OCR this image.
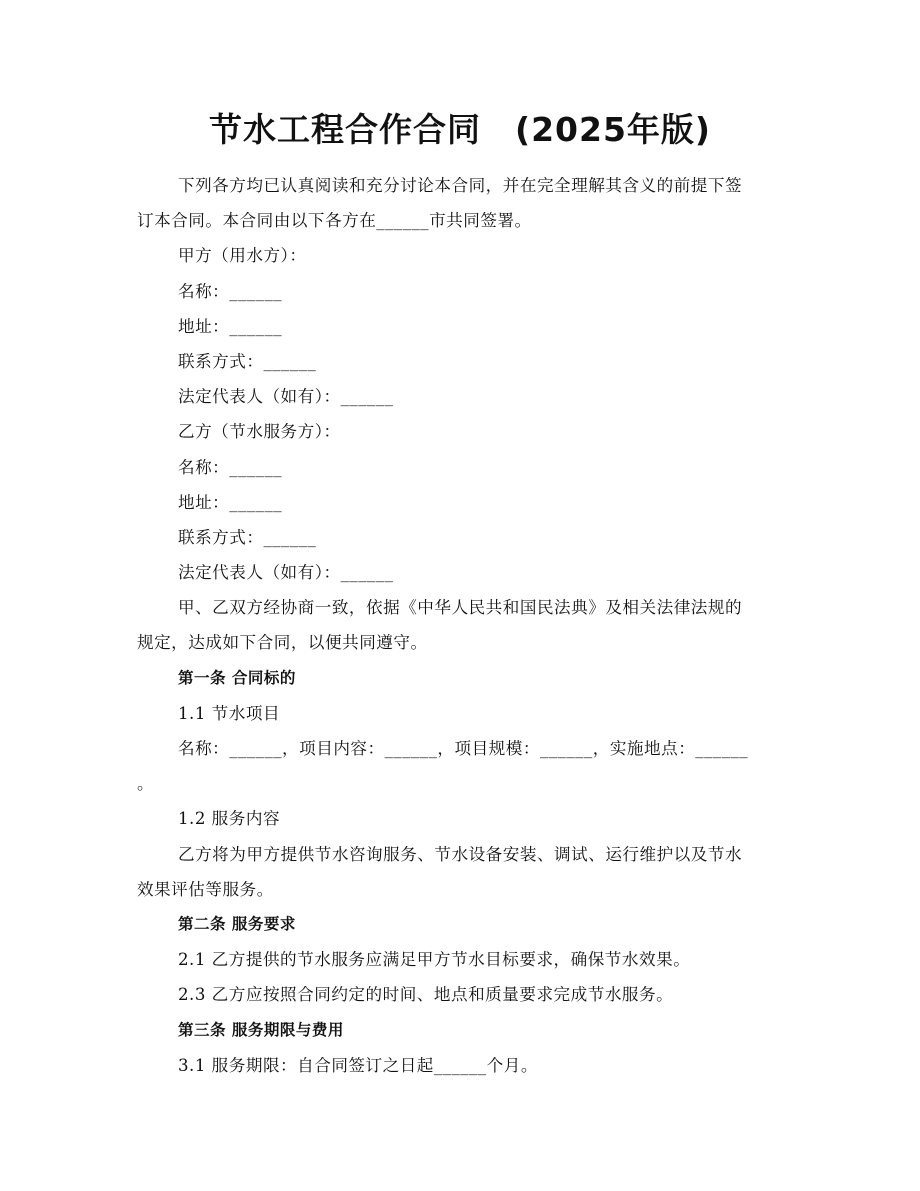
节水工程合作合同　(2025年版)
下列各方均已认真阅读和充分讨论本合同，并在完全理解其含义的前提下签
订本合同。本合同由以下各方在______市共同签署。
甲方（用水方）：
名称：______
地址：______
联系方式：______
法定代表人（如有）：______
乙方（节水服务方）：
名称：______
地址：______
联系方式：______
法定代表人（如有）：______
甲、乙双方经协商一致，依据《中华人民共和国民法典》及相关法律法规的
规定，达成如下合同，以便共同遵守。
第一条 合同标的
1.1 节水项目
名称：______，项目内容：______，项目规模：______，实施地点：______
。
1.2 服务内容
乙方将为甲方提供节水咨询服务、节水设备安装、调试、运行维护以及节水
效果评估等服务。
第二条 服务要求
2.1 乙方提供的节水服务应满足甲方节水目标要求，确保节水效果。
2.3 乙方应按照合同约定的时间、地点和质量要求完成节水服务。
第三条 服务期限与费用
3.1 服务期限：自合同签订之日起______个月。
